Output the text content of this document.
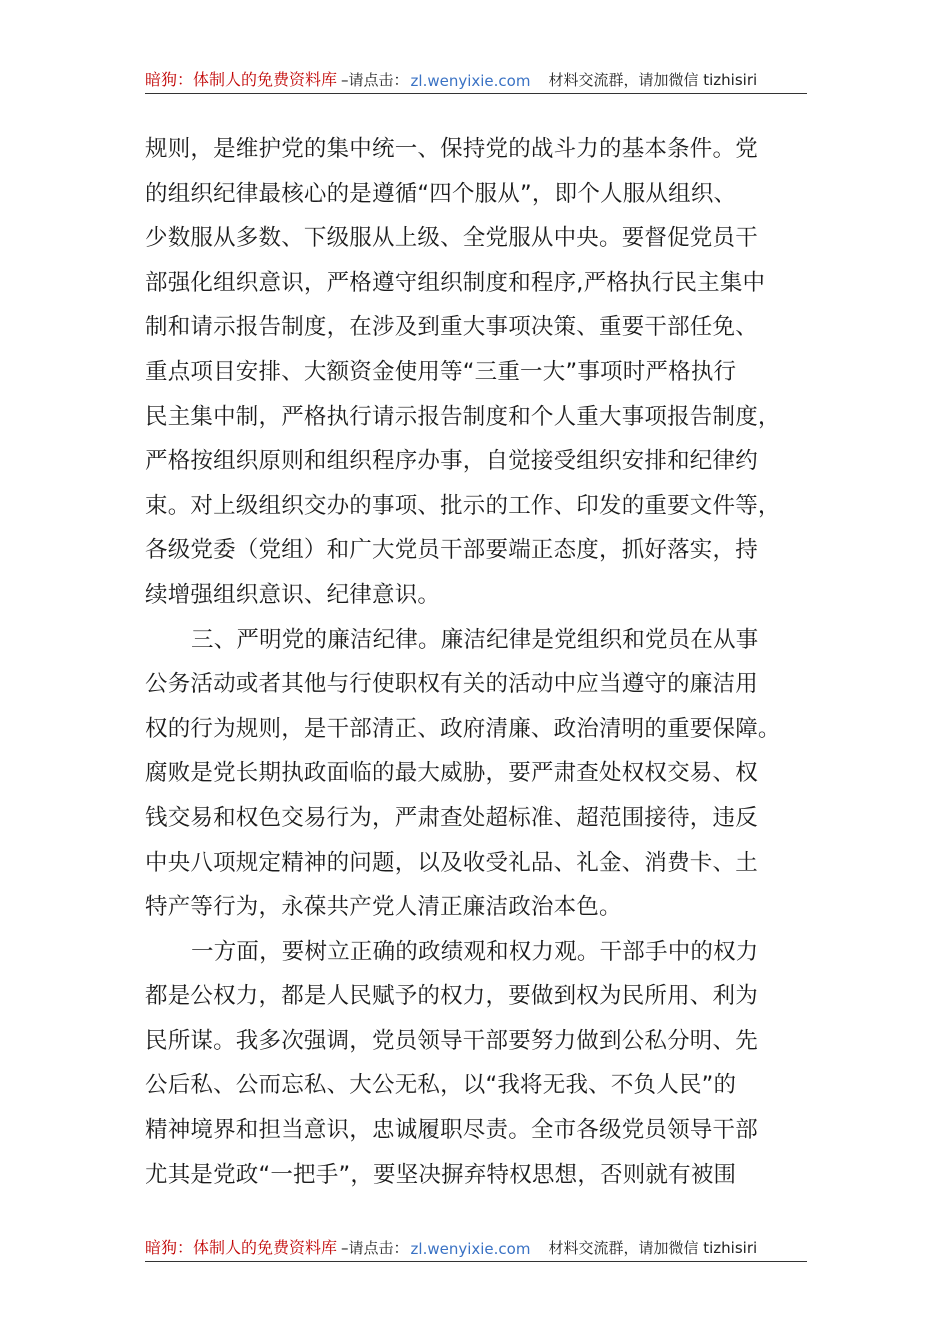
暗狗：体制人的免费资料库 –请点击： zl.wenyixie.com 材料交流群，请加微信 tizhisiri
规则，是维护党的集中统一、保持党的战斗力的基本条件。党
的组织纪律最核心的是遵循“四个服从”，即个人服从组织、
少数服从多数、下级服从上级、全党服从中央。要督促党员干
部强化组织意识，严格遵守组织制度和程序,严格执行民主集中
制和请示报告制度，在涉及到重大事项决策、重要干部任免、
重点项目安排、大额资金使用等“三重一大”事项时严格执行
民主集中制，严格执行请示报告制度和个人重大事项报告制度，
严格按组织原则和组织程序办事，自觉接受组织安排和纪律约
束。对上级组织交办的事项、批示的工作、印发的重要文件等，
各级党委（党组）和广大党员干部要端正态度，抓好落实，持
续增强组织意识、纪律意识。
三、严明党的廉洁纪律。廉洁纪律是党组织和党员在从事
公务活动或者其他与行使职权有关的活动中应当遵守的廉洁用
权的行为规则，是干部清正、政府清廉、政治清明的重要保障。
腐败是党长期执政面临的最大威胁，要严肃查处权权交易、权
钱交易和权色交易行为，严肃查处超标准、超范围接待，违反
中央八项规定精神的问题，以及收受礼品、礼金、消费卡、土
特产等行为，永葆共产党人清正廉洁政治本色。
一方面，要树立正确的政绩观和权力观。干部手中的权力
都是公权力，都是人民赋予的权力，要做到权为民所用、利为
民所谋。我多次强调，党员领导干部要努力做到公私分明、先
公后私、公而忘私、大公无私，以“我将无我、不负人民”的
精神境界和担当意识，忠诚履职尽责。全市各级党员领导干部
尤其是党政“一把手”，要坚决摒弃特权思想，否则就有被围
暗狗：体制人的免费资料库 –请点击： zl.wenyixie.com 材料交流群，请加微信 tizhisiri
